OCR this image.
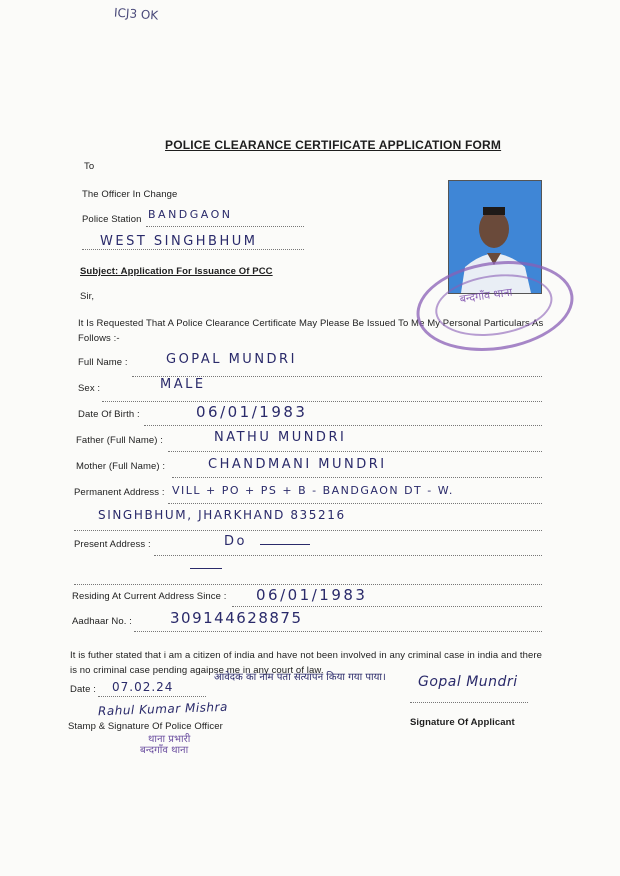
ICJ3 OK
POLICE CLEARANCE CERTIFICATE APPLICATION FORM
To
The Officer In Change
Police Station BANDGAON
WEST SINGHBHUM
Subject: Application For Issuance Of PCC
Sir,
It Is Requested That A Police Clearance Certificate May Please Be Issued To Me My Personal Particulars As Follows :-
बन्दगाँव थाना
Full Name :	GOPAL MUNDRI
Sex :	MALE
Date Of Birth :	06/01/1983
Father (Full Name) :	NATHU MUNDRI
Mother (Full Name) :	CHANDMANI MUNDRI
Permanent Address : VILL + PO + PS + B - BANDGAON DT - W.
SINGHBHUM, JHARKHAND 835216
Present Address :	Do
Residing At Current Address Since : 06/01/1983
Aadhaar No. :	309144628875
It is futher stated that i am a citizen of india and have not been involved in any criminal case in india and there is no criminal case pending agaipse me in any court of law.
Date : 07.02.24
आवेदक का नाम पता सत्यापन किया गया पाया।	Gopal Mundri
Rahul Kumar Mishra
Stamp & Signature Of Police Officer	Signature Of Applicant
थाना प्रभारी
बन्दगाँव थाना
